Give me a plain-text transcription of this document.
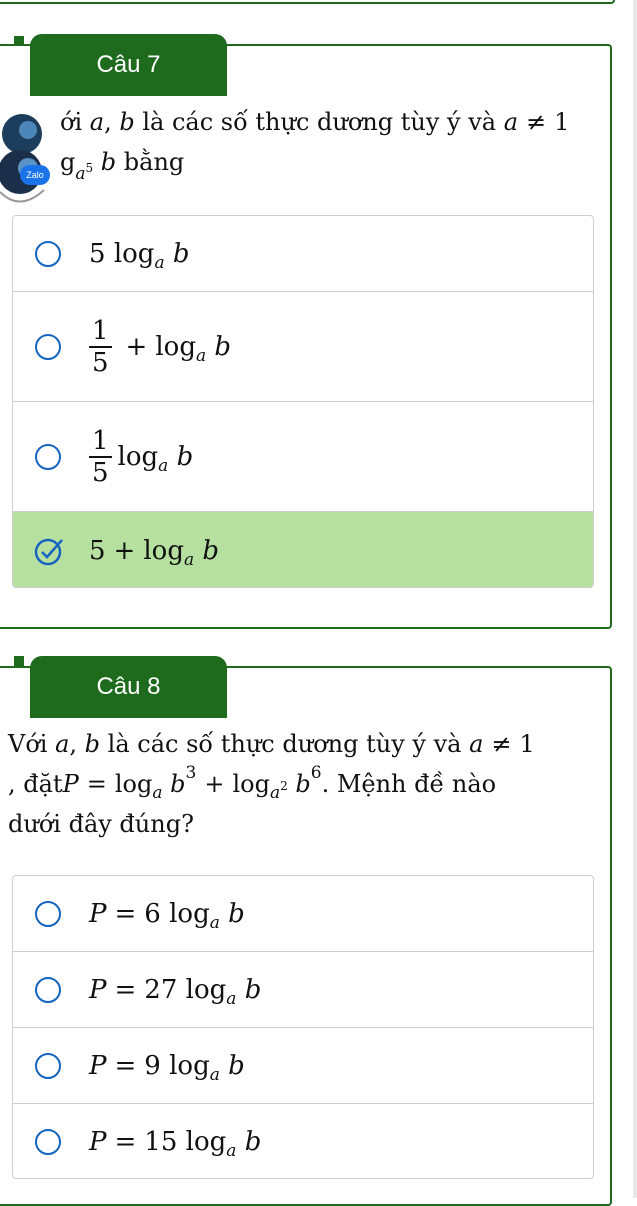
Câu 7
ới a, b là các số thực dương tùy ý và a ≠ 1
$g_a5$ b bằng
Zalo
5
log a
b
$\frac{1}{5} + \log a$
b
$\frac{1}{5}$ log a
b
5 + log a
b
Câu 8
Với a, b là các số thực dương tùy ý và a ≠ 1
, đặt P = log a
b 3 + log a 2
b 6 . Mệnh đề nào
dưới đây đúng?
P = 6
log a
b
P = 27
log a
b
P = 9
log a
b
P = 15
log a
b
